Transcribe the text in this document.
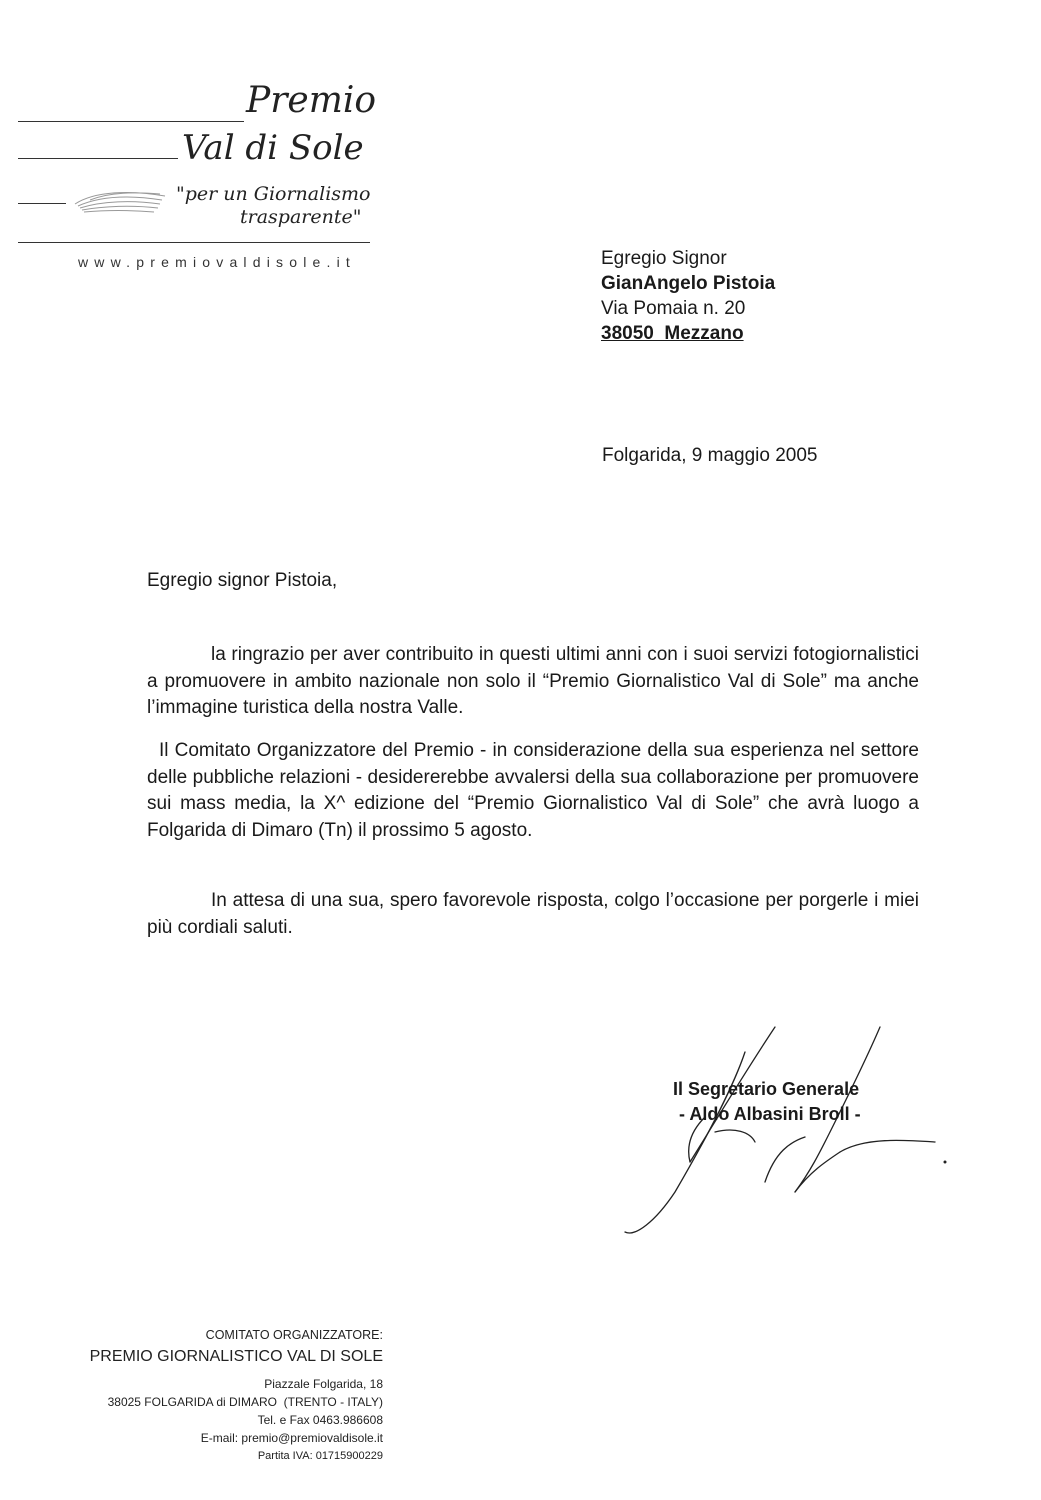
Premio
Val di Sole
"per un Giornalismo
trasparente"
www.premiovaldisole.it	Egregio Signor
GianAngelo Pistoia
Via Pomaia n. 20
38050  Mezzano
Folgarida, 9 maggio 2005
Egregio signor Pistoia,

la ringrazio per aver contribuito in questi ultimi anni con i suoi servizi fotogiornalistici a promuovere in ambito nazionale non solo il “Premio Giornalistico Val di Sole” ma anche l’immagine turistica della nostra Valle.

Il Comitato Organizzatore del Premio - in considerazione della sua esperienza nel settore delle pubbliche relazioni - desidererebbe avvalersi della sua collaborazione per promuovere sui mass media, la X^ edizione del “Premio Giornalistico Val di Sole” che avrà luogo a Folgarida di Dimaro (Tn) il prossimo 5 agosto.

In attesa di una sua, spero favorevole risposta, colgo l’occasione per porgerle i miei più cordiali saluti.

Il Segretario Generale
- Aldo Albasini Broll -
COMITATO ORGANIZZATORE:
PREMIO GIORNALISTICO VAL DI SOLE
Piazzale Folgarida, 18
38025 FOLGARIDA di DIMARO  (TRENTO - ITALY)
Tel. e Fax 0463.986608
E-mail: premio@premiovaldisole.it
Partita IVA: 01715900229
